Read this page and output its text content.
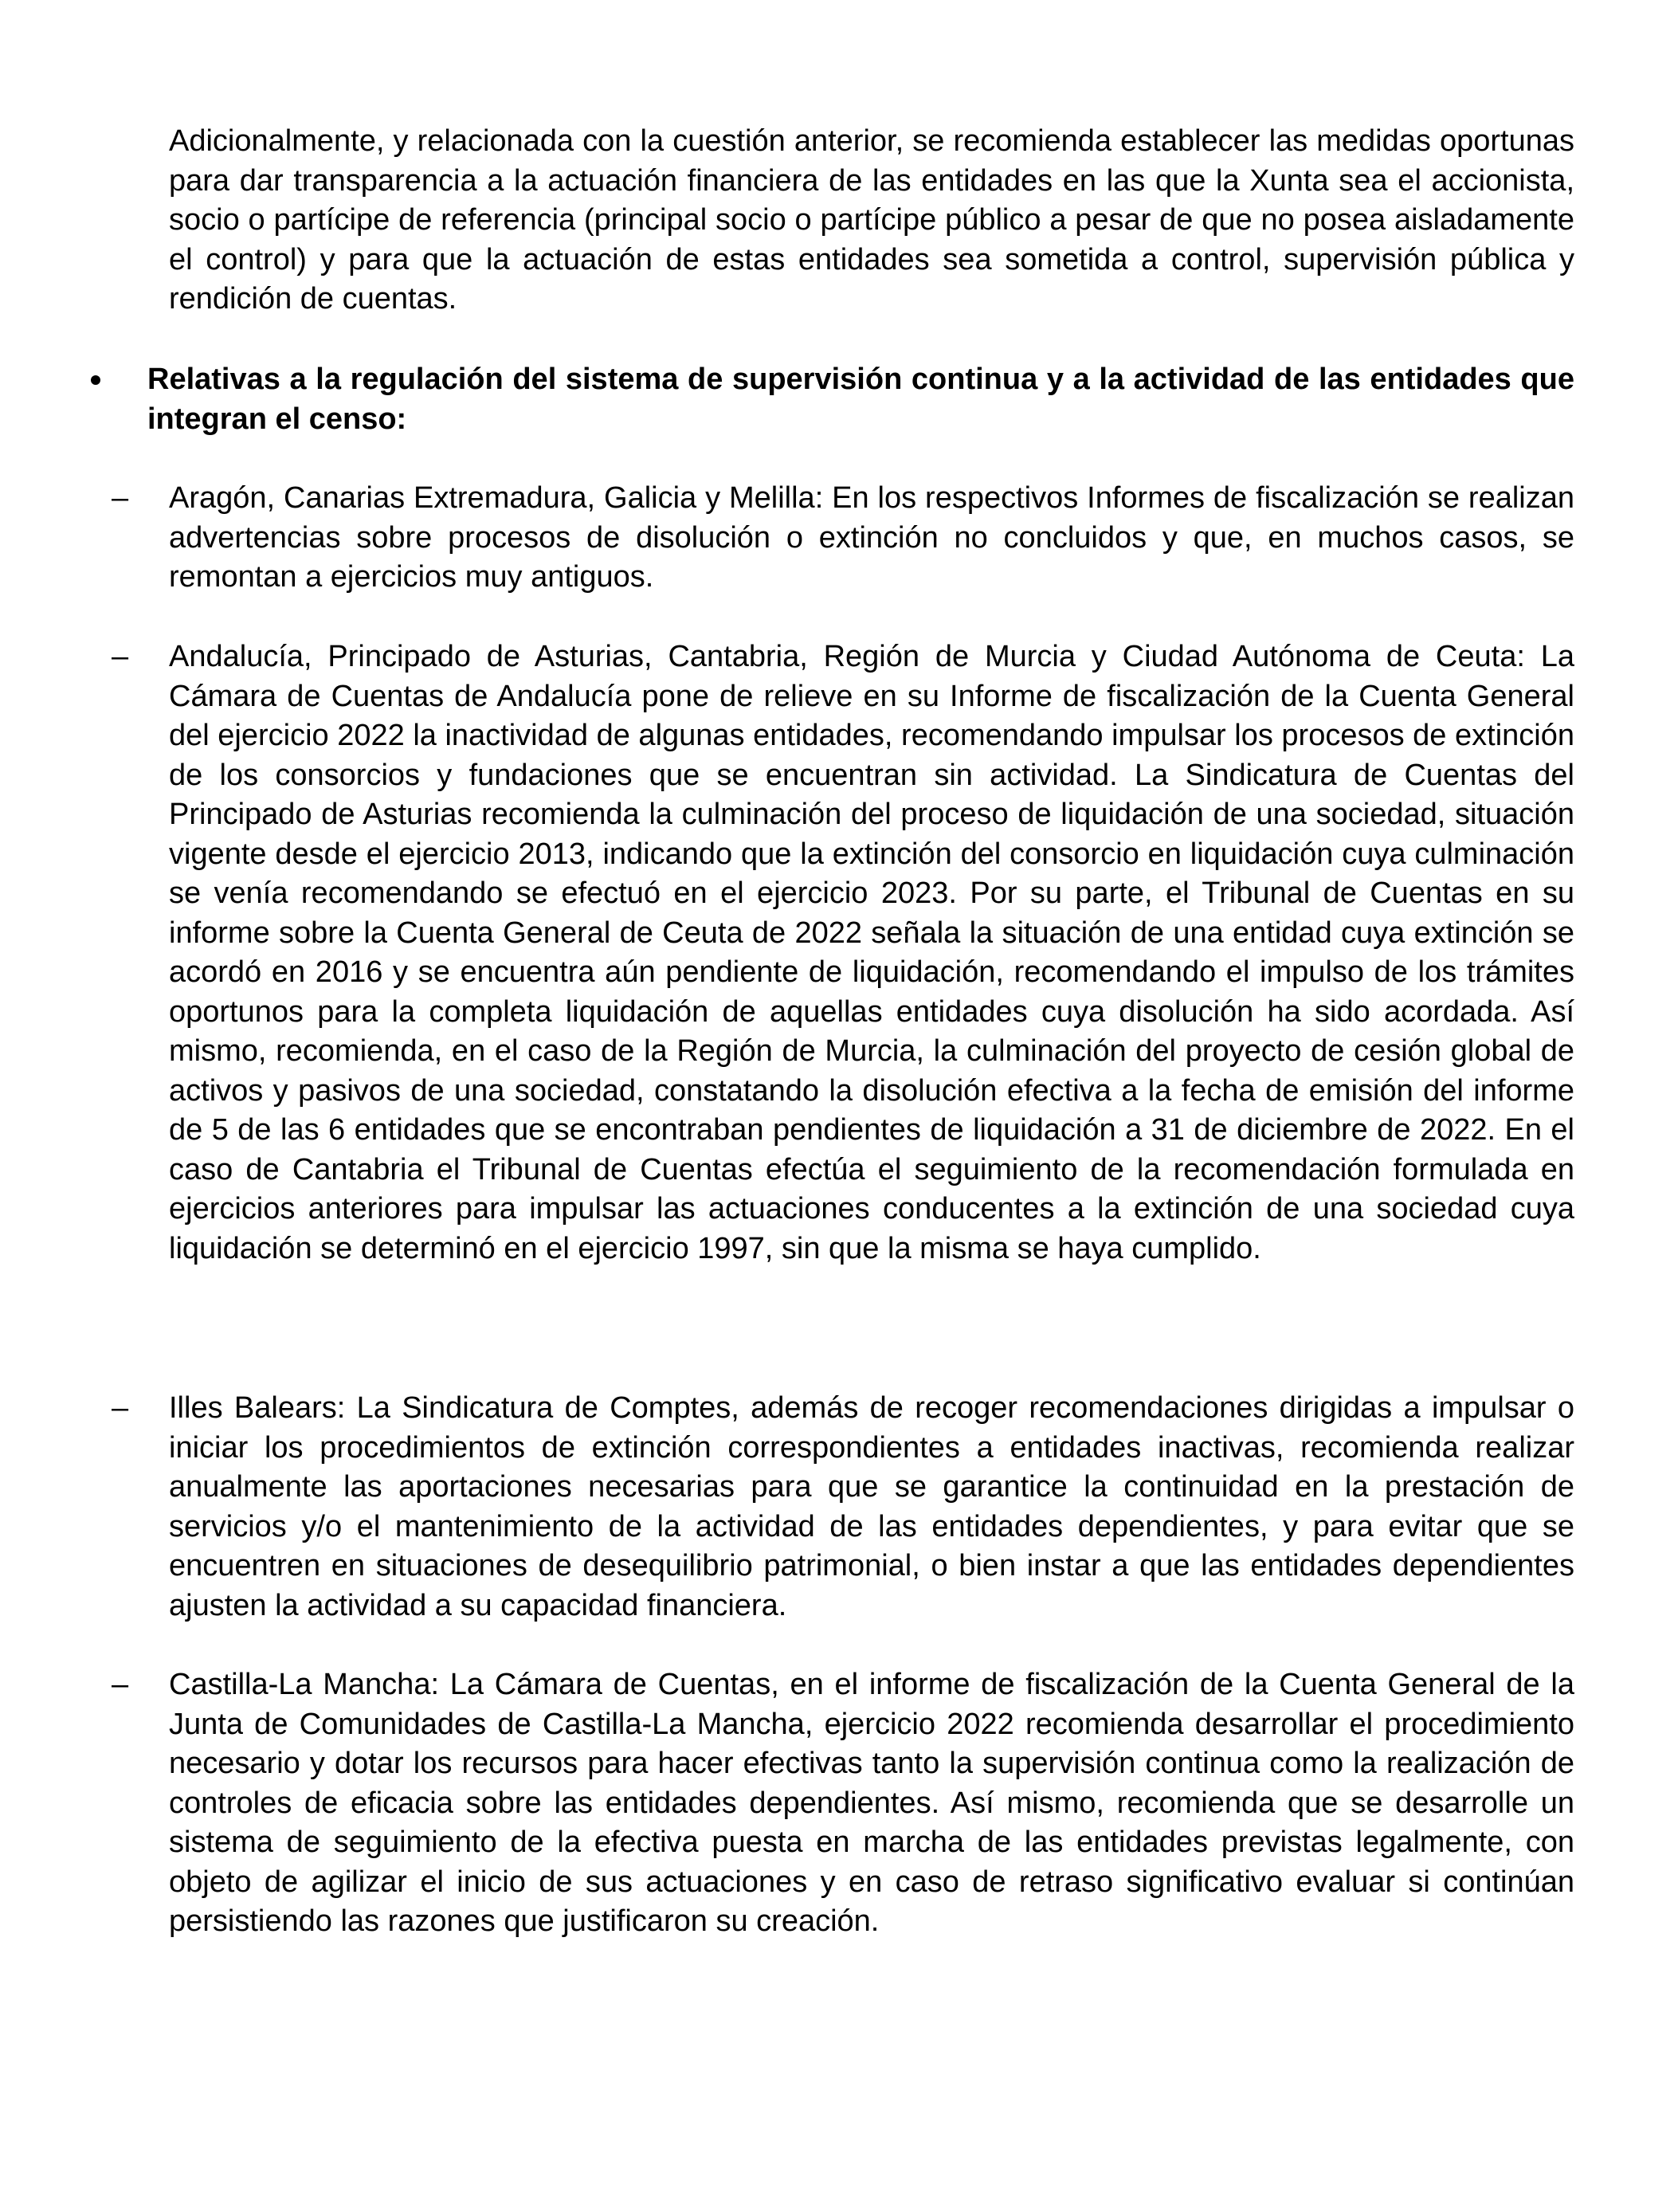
Adicionalmente, y relacionada con la cuestión anterior, se recomienda establecer las medidas oportunas para dar transparencia a la actuación financiera de las entidades en las que la Xunta sea el accionista, socio o partícipe de referencia (principal socio o partícipe público a pesar de que no posea aisladamente el control) y para que la actuación de estas entidades sea sometida a control, supervisión pública y rendición de cuentas.

Relativas a la regulación del sistema de supervisión continua y a la actividad de las entidades que integran el censo:

– Aragón, Canarias Extremadura, Galicia y Melilla: En los respectivos Informes de fiscalización se realizan advertencias sobre procesos de disolución o extinción no concluidos y que, en muchos casos, se remontan a ejercicios muy antiguos.

– Andalucía, Principado de Asturias, Cantabria, Región de Murcia y Ciudad Autónoma de Ceuta: La Cámara de Cuentas de Andalucía pone de relieve en su Informe de fiscalización de la Cuenta General del ejercicio 2022 la inactividad de algunas entidades, recomendando impulsar los procesos de extinción de los consorcios y fundaciones que se encuentran sin actividad. La Sindicatura de Cuentas del Principado de Asturias recomienda la culminación del proceso de liquidación de una sociedad, situación vigente desde el ejercicio 2013, indicando que la extinción del consorcio en liquidación cuya culminación se venía recomendando se efectuó en el ejercicio 2023. Por su parte, el Tribunal de Cuentas en su informe sobre la Cuenta General de Ceuta de 2022 señala la situación de una entidad cuya extinción se acordó en 2016 y se encuentra aún pendiente de liquidación, recomendando el impulso de los trámites oportunos para la completa liquidación de aquellas entidades cuya disolución ha sido acordada. Así mismo, recomienda, en el caso de la Región de Murcia, la culminación del proyecto de cesión global de activos y pasivos de una sociedad, constatando la disolución efectiva a la fecha de emisión del informe de 5 de las 6 entidades que se encontraban pendientes de liquidación a 31 de diciembre de 2022. En el caso de Cantabria el Tribunal de Cuentas efectúa el seguimiento de la recomendación formulada en ejercicios anteriores para impulsar las actuaciones conducentes a la extinción de una sociedad cuya liquidación se determinó en el ejercicio 1997, sin que la misma se haya cumplido.

– Illes Balears: La Sindicatura de Comptes, además de recoger recomendaciones dirigidas a impulsar o iniciar los procedimientos de extinción correspondientes a entidades inactivas, recomienda realizar anualmente las aportaciones necesarias para que se garantice la continuidad en la prestación de servicios y/o el mantenimiento de la actividad de las entidades dependientes, y para evitar que se encuentren en situaciones de desequilibrio patrimonial, o bien instar a que las entidades dependientes ajusten la actividad a su capacidad financiera.

– Castilla-La Mancha: La Cámara de Cuentas, en el informe de fiscalización de la Cuenta General de la Junta de Comunidades de Castilla-La Mancha, ejercicio 2022 recomienda desarrollar el procedimiento necesario y dotar los recursos para hacer efectivas tanto la supervisión continua como la realización de controles de eficacia sobre las entidades dependientes. Así mismo, recomienda que se desarrolle un sistema de seguimiento de la efectiva puesta en marcha de las entidades previstas legalmente, con objeto de agilizar el inicio de sus actuaciones y en caso de retraso significativo evaluar si continúan persistiendo las razones que justificaron su creación.
